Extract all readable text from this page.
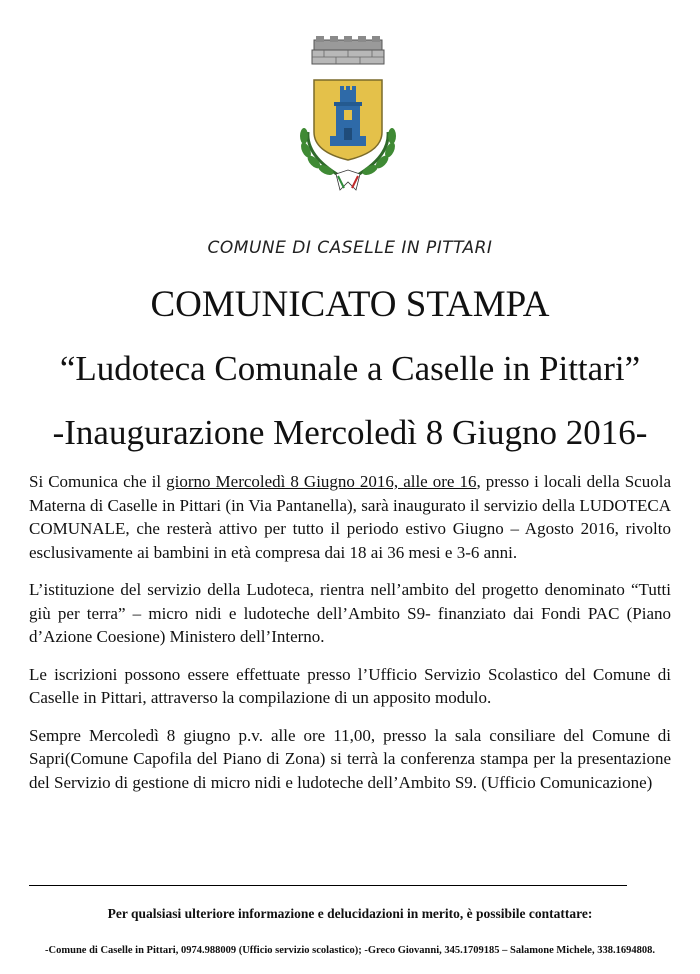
COMUNE DI CASELLE IN PITTARI
COMUNICATO STAMPA
“Ludoteca Comunale a Caselle in Pittari”
-Inaugurazione Mercoledì 8 Giugno 2016-

Si Comunica che il giorno Mercoledì 8 Giugno 2016, alle ore 16, presso i locali della Scuola Materna di Caselle in Pittari (in Via Pantanella), sarà inaugurato il servizio della LUDOTECA COMUNALE, che resterà attivo per tutto il periodo estivo Giugno – Agosto 2016, rivolto esclusivamente ai bambini in età compresa dai 18 ai 36 mesi e 3-6 anni.

L’istituzione del servizio della Ludoteca, rientra nell’ambito del progetto denominato “Tutti giù per terra” – micro nidi e ludoteche dell’Ambito S9- finanziato dai Fondi PAC (Piano d’Azione Coesione) Ministero dell’Interno.

Le iscrizioni possono essere effettuate presso l’Ufficio Servizio Scolastico del Comune di Caselle in Pittari, attraverso la compilazione di un apposito modulo.

Sempre Mercoledì 8 giugno p.v. alle ore 11,00, presso la sala consiliare del Comune di Sapri(Comune Capofila del Piano di Zona) si terrà la conferenza stampa per la presentazione del Servizio di gestione di micro nidi e ludoteche dell’Ambito S9. (Ufficio Comunicazione)

Per qualsiasi ulteriore informazione e delucidazioni in merito, è possibile contattare:
-Comune di Caselle in Pittari, 0974.988009 (Ufficio servizio scolastico); -Greco Giovanni, 345.1709185 – Salamone Michele, 338.1694808.
